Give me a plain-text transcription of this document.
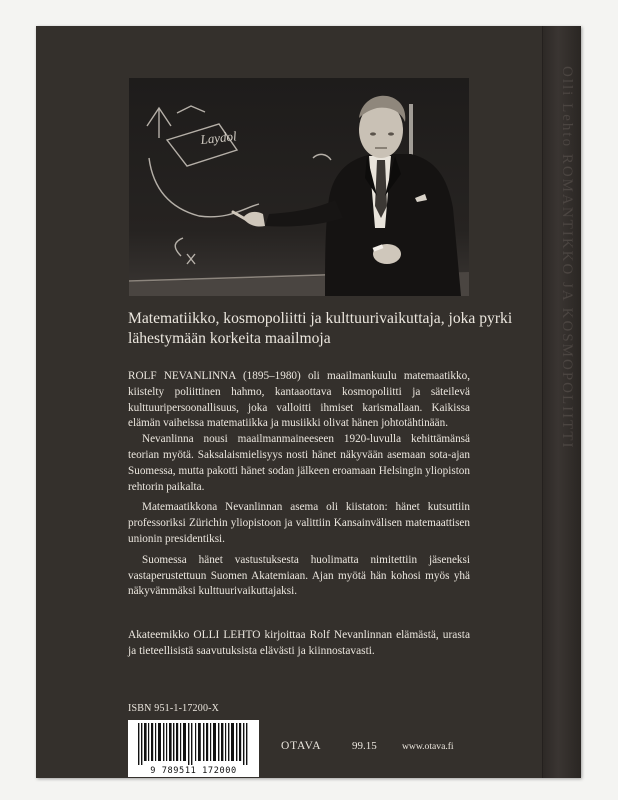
Olli Lehto ROMANTIKKO JA KOSMOPOLIITTI
Laydol
Matematiikko, kosmopoliitti ja kulttuurivaikuttaja, joka pyrki lähestymään korkeita maailmoja

ROLF NEVANLINNA (1895–1980) oli maailmankuulu matemaatikko, kiistelty poliittinen hahmo, kantaaottava kosmopoliitti ja säteilevä kulttuuripersoonallisuus, joka valloitti ihmiset karismallaan. Kaikissa elämän vaiheissa matematiikka ja musiikki olivat hänen johtotähtinään.

Nevanlinna nousi maailmanmaineeseen 1920-luvulla kehittämänsä teorian myötä. Saksalaismielisyys nosti hänet näkyvään asemaan sota-ajan Suomessa, mutta pakotti hänet sodan jälkeen eroamaan Helsingin yliopiston rehtorin paikalta.

Matemaatikkona Nevanlinnan asema oli kiistaton: hänet kutsuttiin professoriksi Zürichin yliopistoon ja valittiin Kansainvälisen matemaattisen unionin presidentiksi.

Suomessa hänet vastustuksesta huolimatta nimitettiin jäseneksi vastaperustettuun Suomen Akatemiaan. Ajan myötä hän kohosi myös yhä näkyvämmäksi kulttuurivaikuttajaksi.

Akateemikko OLLI LEHTO kirjoittaa Rolf Nevanlinnan elämästä, urasta ja tieteellisistä saavutuksista elävästi ja kiinnostavasti.
ISBN 951-1-17200-X
9 789511 172000
OTAVA	99.15	www.otava.fi
